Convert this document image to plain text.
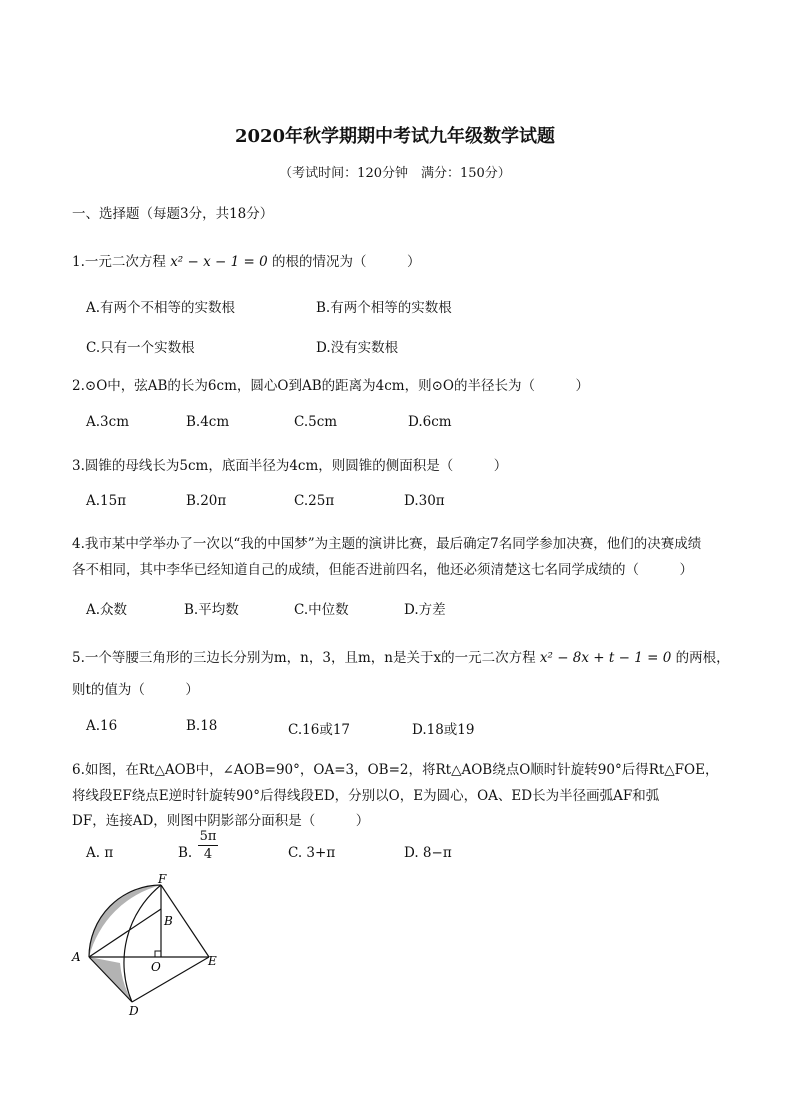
2020年秋学期期中考试九年级数学试题
（考试时间：120分钟　满分：150分）
一、选择题（每题3分，共18分）
1.一元二次方程 x² − x − 1 = 0 的根的情况为（　　　）
A.有两个不相等的实数根	B.有两个相等的实数根
C.只有一个实数根	D.没有实数根
2.⊙O中，弦AB的长为6cm，圆心O到AB的距离为4cm，则⊙O的半径长为（　　　）
A.3cm	B.4cm	C.5cm	D.6cm
3.圆锥的母线长为5cm，底面半径为4cm，则圆锥的侧面积是（　　　）
A.15π	B.20π	C.25π	D.30π
4.我市某中学举办了一次以“我的中国梦”为主题的演讲比赛，最后确定7名同学参加决赛，他们的决赛成绩
各不相同，其中李华已经知道自己的成绩，但能否进前四名，他还必须清楚这七名同学成绩的（　　　）
A.众数	B.平均数	C.中位数	D.方差
5.一个等腰三角形的三边长分别为m，n，3，且m，n是关于x的一元二次方程 x² − 8x + t − 1 = 0 的两根，
则t的值为（　　　）
A.16	B.18	C.16或17	D.18或19
6.如图，在Rt△AOB中，∠AOB=90°，OA=3，OB=2，将Rt△AOB绕点O顺时针旋转90°后得Rt△FOE，
将线段EF绕点E逆时针旋转90°后得线段ED，分别以O，E为圆心，OA、ED长为半径画弧AF和弧
DF，连接AD，则图中阴影部分面积是（　　　）
A. π	B.
5π
4	C. 3+π	D. 8−π
F
B
A
O	E
D
